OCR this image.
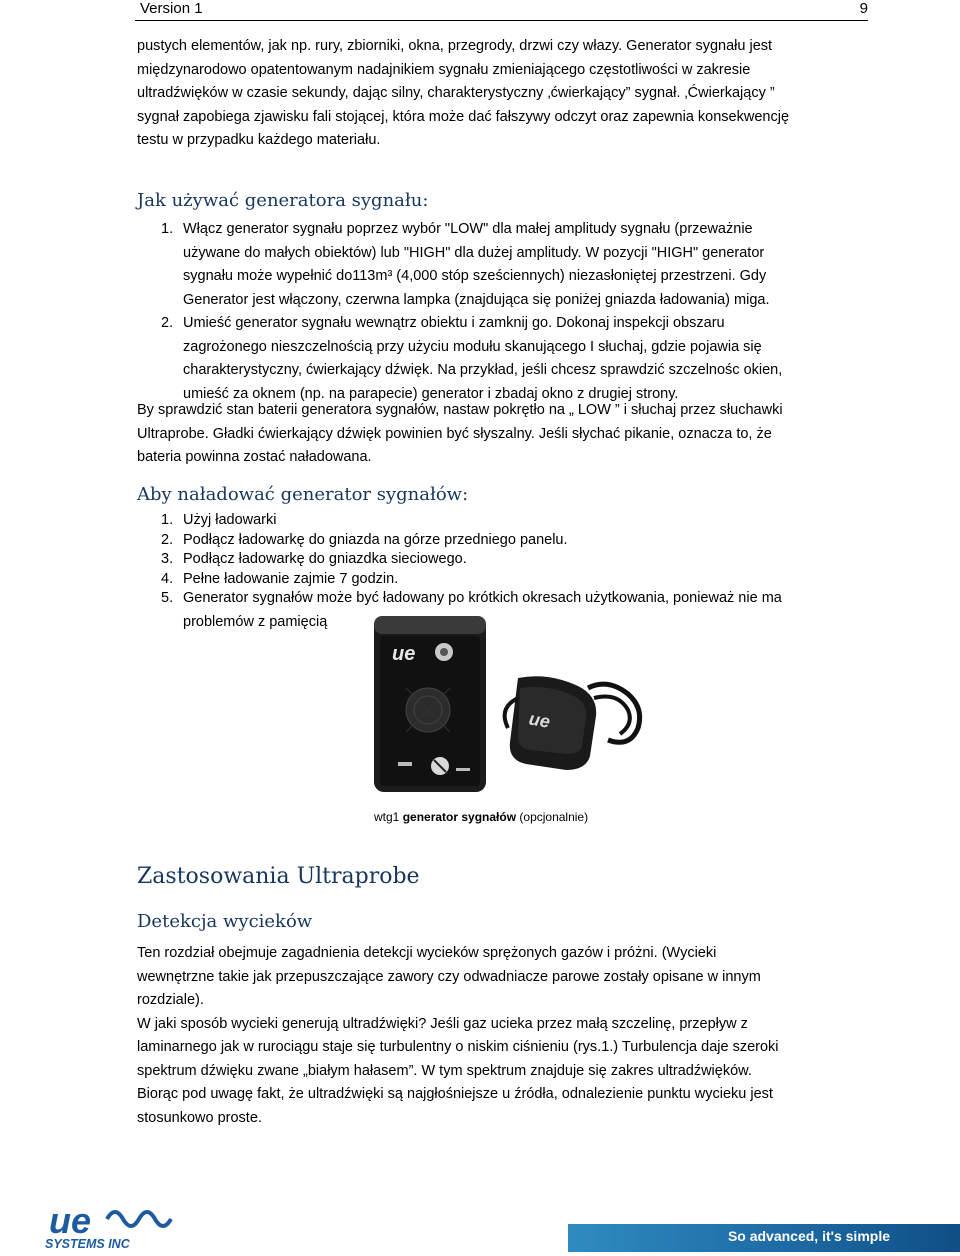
Version 1	9
pustych elementów, jak np. rury, zbiorniki, okna, przegrody, drzwi czy włazy. Generator sygnału jest
międzynarodowo opatentowanym nadajnikiem sygnału zmieniającego częstotliwości w zakresie
ultradźwięków w czasie sekundy, dając silny, charakterystyczny ‚ćwierkający” sygnał. ‚Ćwierkający ”
sygnał zapobiega zjawisku fali stojącej, która może dać fałszywy odczyt oraz zapewnia konsekwencję
testu w przypadku każdego materiału.
Jak używać generatora sygnału:
1. Włącz generator sygnału poprzez wybór "LOW" dla małej amplitudy sygnału (przeważnie
używane do małych obiektów) lub "HIGH" dla dużej amplitudy. W pozycji "HIGH" generator
sygnału może wypełnić do113m³ (4,000 stóp sześciennych) niezasłoniętej przestrzeni. Gdy
Generator jest włączony, czerwna lampka (znajdująca się poniżej gniazda ładowania) miga.
2. Umieść generator sygnału wewnątrz obiektu i zamknij go. Dokonaj inspekcji obszaru
zagrożonego nieszczelnością przy użyciu modułu skanującego I słuchaj, gdzie pojawia się
charakterystyczny, ćwierkający dźwięk. Na przykład, jeśli chcesz sprawdzić szczelnośc okien,
umieść za oknem (np. na parapecie) generator i zbadaj okno z drugiej strony.
By sprawdzić stan baterii generatora sygnałów, nastaw pokrętło na „ LOW ” i słuchaj przez słuchawki
Ultraprobe. Gładki ćwierkający dźwięk powinien być słyszalny. Jeśli słychać pikanie, oznacza to, że
bateria powinna zostać naładowana.
Aby naładować generator sygnałów:
1. Użyj ładowarki
2. Podłącz ładowarkę do gniazda na górze przedniego panelu.
3. Podłącz ładowarkę do gniazdka sieciowego.
4. Pełne ładowanie zajmie 7 godzin.
5. Generator sygnałów może być ładowany po krótkich okresach użytkowania, ponieważ nie ma
problemów z pamięcią
ue
ue
wtg1 generator sygnałów (opcjonalnie)
Zastosowania Ultraprobe
Detekcja wycieków
Ten rozdział obejmuje zagadnienia detekcji wycieków sprężonych gazów i próżni. (Wycieki
wewnętrzne takie jak przepuszczające zawory czy odwadniacze parowe zostały opisane w innym
rozdziale).
W jaki sposób wycieki generują ultradźwięki? Jeśli gaz ucieka przez małą szczelinę, przepływ z
laminarnego jak w rurociągu staje się turbulentny o niskim ciśnieniu (rys.1.) Turbulencja daje szeroki
spektrum dźwięku zwane „białym hałasem”. W tym spektrum znajduje się zakres ultradźwięków.
Biorąc pod uwagę fakt, że ultradźwięki są najgłośniejsze u źródła, odnalezienie punktu wycieku jest
stosunkowo proste.
ue
SYSTEMS INC	So advanced, it's simple
